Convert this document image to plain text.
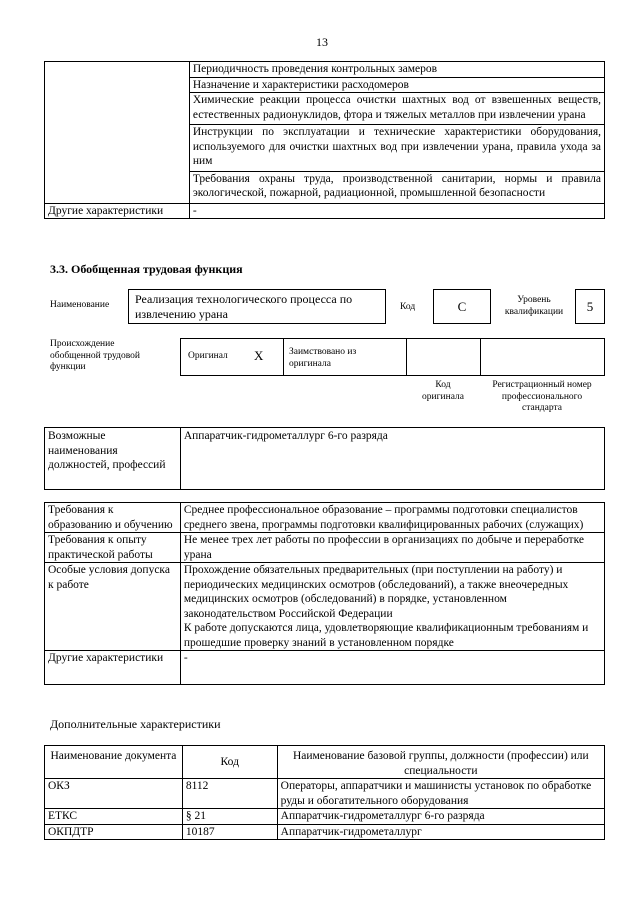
13
	Периодичность проведения контрольных замеров
	Назначение и характеристики расходомеров
	Химические реакции процесса очистки шахтных вод от взвешенных веществ, естественных радионуклидов, фтора и тяжелых металлов при извлечении урана
	Инструкции по эксплуатации и технические характеристики оборудования, используемого для очистки шахтных вод при извлечении урана, правила ухода за ним
	Требования охраны труда, производственной санитарии, нормы и правила экологической, пожарной, радиационной, промышленной безопасности
Другие характеристики	-
3.3. Обобщенная трудовая функция
Наименование	Реализация технологического процесса по извлечению урана	Код	C	Уровень квалификации	5
Происхождение обобщенной трудовой функции
Оригинал X	Заимствовано из оригинала
Код оригинала
Регистрационный номер профессионального стандарта
Возможные наименования должностей, профессий	Аппаратчик-гидрометаллург 6-го разряда
Требования к образованию и обучению	Среднее профессиональное образование – программы подготовки специалистов среднего звена, программы подготовки квалифицированных рабочих (служащих)
Требования к опыту практической работы	Не менее трех лет работы по профессии в организациях по добыче и переработке урана
Особые условия допуска к работе	Прохождение обязательных предварительных (при поступлении на работу) и периодических медицинских осмотров (обследований), а также внеочередных медицинских осмотров (обследований) в порядке, установленном законодательством Российской Федерации
К работе допускаются лица, удовлетворяющие квалификационным требованиям и прошедшие проверку знаний в установленном порядке

Другие характеристики	-
Дополнительные характеристики
Наименование документа	Код	Наименование базовой группы, должности (профессии) или специальности
ОКЗ	8112	Операторы, аппаратчики и машинисты установок по обработке руды и обогатительного оборудования
ЕТКС	§ 21	Аппаратчик-гидрометаллург 6-го разряда
ОКПДТР	10187	Аппаратчик-гидрометаллург
